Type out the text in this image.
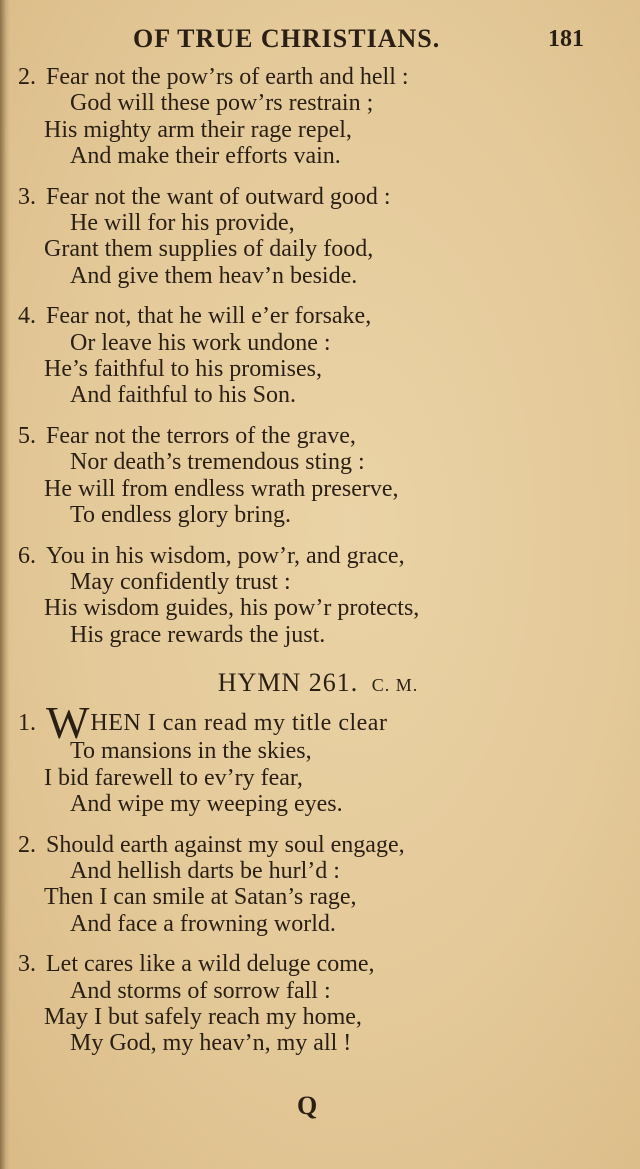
OF TRUE CHRISTIANS.	181
2. Fear not the pow’rs of earth and hell :
God will these pow’rs restrain ;
His mighty arm their rage repel,
And make their efforts vain.
3. Fear not the want of outward good :
He will for his provide,
Grant them supplies of daily food,
And give them heav’n beside.
4. Fear not, that he will e’er forsake,
Or leave his work undone :
He’s faithful to his promises,
And faithful to his Son.
5. Fear not the terrors of the grave,
Nor death’s tremendous sting :
He will from endless wrath preserve,
To endless glory bring.
6. You in his wisdom, pow’r, and grace,
May confidently trust :
His wisdom guides, his pow’r protects,
His grace rewards the just.
HYMN 261. C. M.
1. WHEN I can read my title clear
To mansions in the skies,
I bid farewell to ev’ry fear,
And wipe my weeping eyes.
2. Should earth against my soul engage,
And hellish darts be hurl’d :
Then I can smile at Satan’s rage,
And face a frowning world.
3. Let cares like a wild deluge come,
And storms of sorrow fall :
May I but safely reach my home,
My God, my heav’n, my all !
Q
